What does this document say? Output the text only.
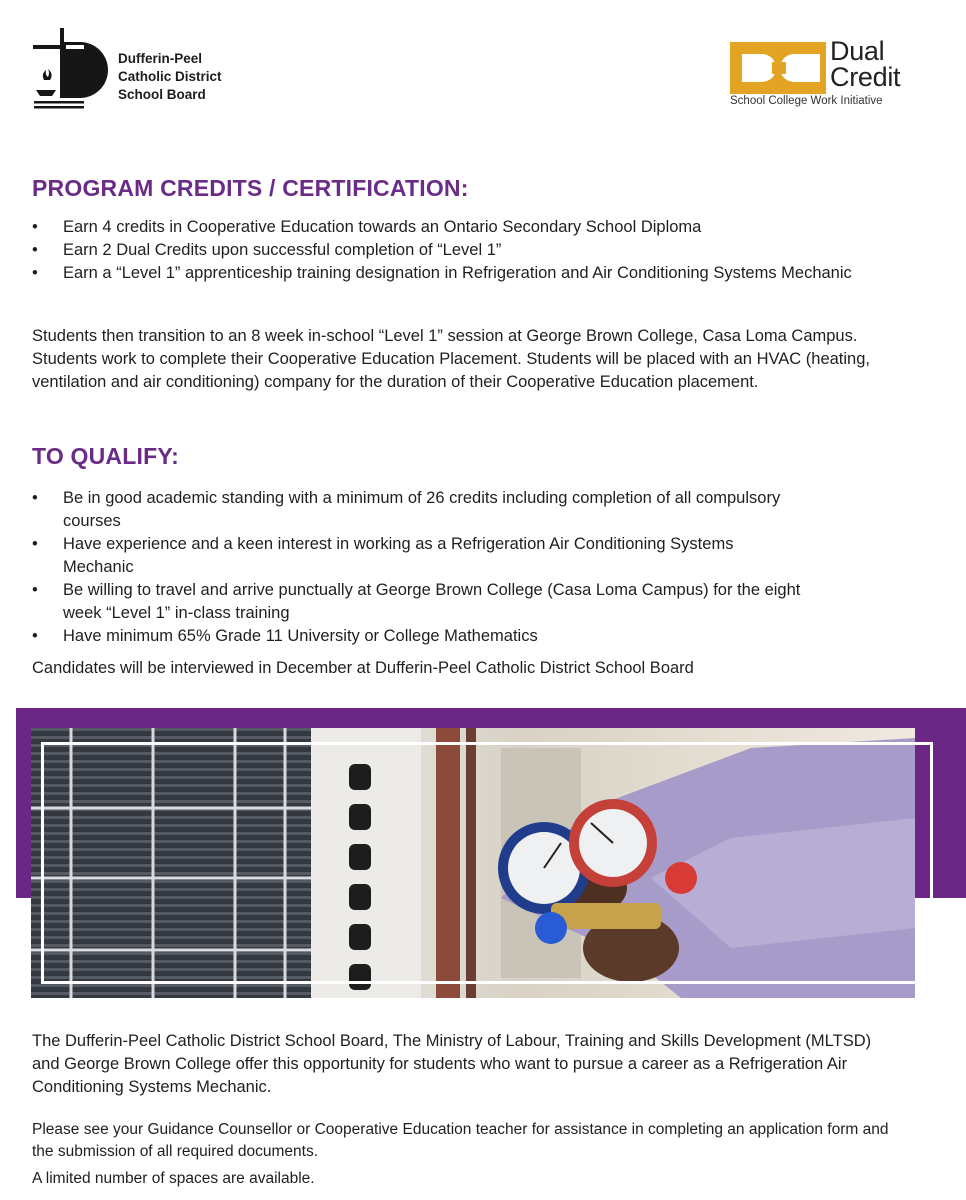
Dufferin-Peel
Catholic District
School Board
Dual
Credit
School College Work Initiative
PROGRAM CREDITS / CERTIFICATION:
• Earn 4 credits in Cooperative Education towards an Ontario Secondary School Diploma
• Earn 2 Dual Credits upon successful completion of “Level 1”
• Earn a “Level 1” apprenticeship training designation in Refrigeration and Air Conditioning Systems Mechanic

Students then transition to an 8 week in-school “Level 1” session at George Brown College, Casa Loma Campus. Students work to complete their Cooperative Education Placement. Students will be placed with an HVAC (heating, ventilation and air conditioning) company for the duration of their Cooperative Education placement.

TO QUALIFY:
• Be in good academic standing with a minimum of 26 credits including completion of all compulsory courses
• Have experience and a keen interest in working as a Refrigeration Air Conditioning Systems Mechanic
• Be willing to travel and arrive punctually at George Brown College (Casa Loma Campus) for the eight week “Level 1” in-class training
• Have minimum 65% Grade 11 University or College Mathematics

Candidates will be interviewed in December at Dufferin-Peel Catholic District School Board

The Dufferin-Peel Catholic District School Board, The Ministry of Labour, Training and Skills Development (MLTSD) and George Brown College offer this opportunity for students who want to pursue a career as a Refrigeration Air Conditioning Systems Mechanic.

Please see your Guidance Counsellor or Cooperative Education teacher for assistance in completing an application form and the submission of all required documents.

A limited number of spaces are available.
